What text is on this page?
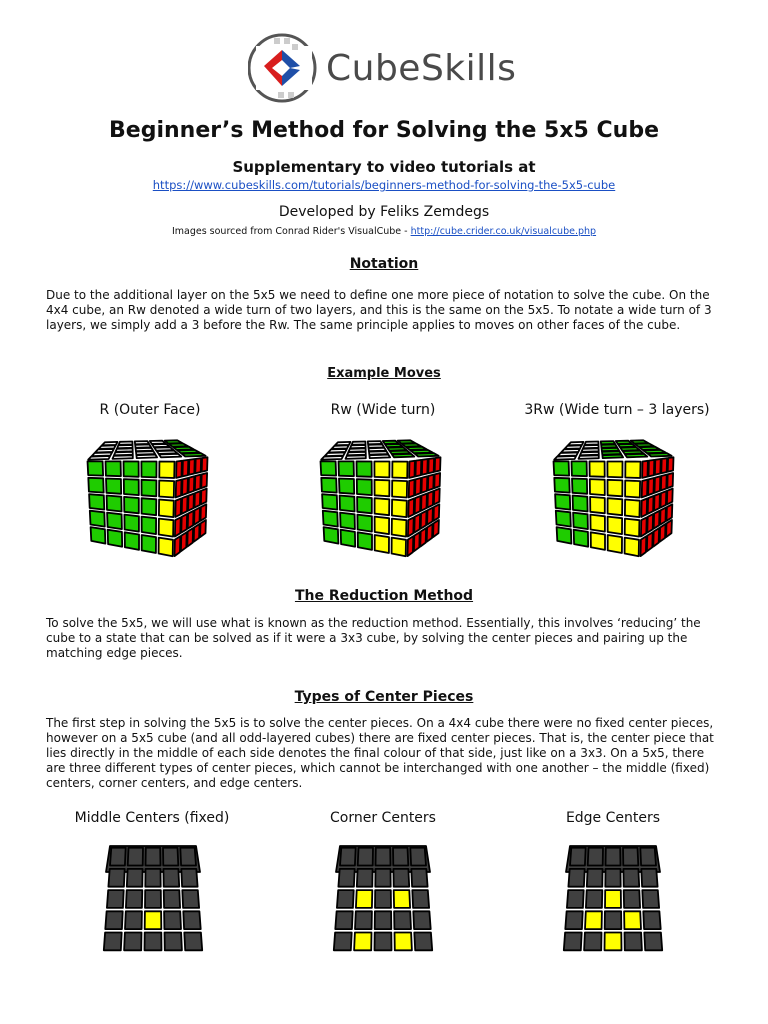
CubeSkills
Beginner’s Method for Solving the 5x5 Cube

Supplementary to video tutorials at

https://www.cubeskills.com/tutorials/beginners-method-for-solving-the-5x5-cube

Developed by Feliks Zemdegs

Images sourced from Conrad Rider's VisualCube - http://cube.crider.co.uk/visualcube.php

Notation

Due to the additional layer on the 5x5 we need to define one more piece of notation to solve the cube. On the 4x4 cube, an Rw denoted a wide turn of two layers, and this is the same on the 5x5. To notate a wide turn of 3 layers, we simply add a 3 before the Rw. The same principle applies to moves on other faces of the cube.

Example Moves

R (Outer Face)	Rw (Wide turn)	3Rw (Wide turn – 3 layers)

The Reduction Method

To solve the 5x5, we will use what is known as the reduction method. Essentially, this involves ‘reducing’ the cube to a state that can be solved as if it were a 3x3 cube, by solving the center pieces and pairing up the matching edge pieces.

Types of Center Pieces

The first step in solving the 5x5 is to solve the center pieces. On a 4x4 cube there were no fixed center pieces, however on a 5x5 cube (and all odd-layered cubes) there are fixed center pieces. That is, the center piece that lies directly in the middle of each side denotes the final colour of that side, just like on a 3x3. On a 5x5, there are three different types of center pieces, which cannot be interchanged with one another – the middle (fixed) centers, corner centers, and edge centers.

Middle Centers (fixed)	Corner Centers	Edge Centers
